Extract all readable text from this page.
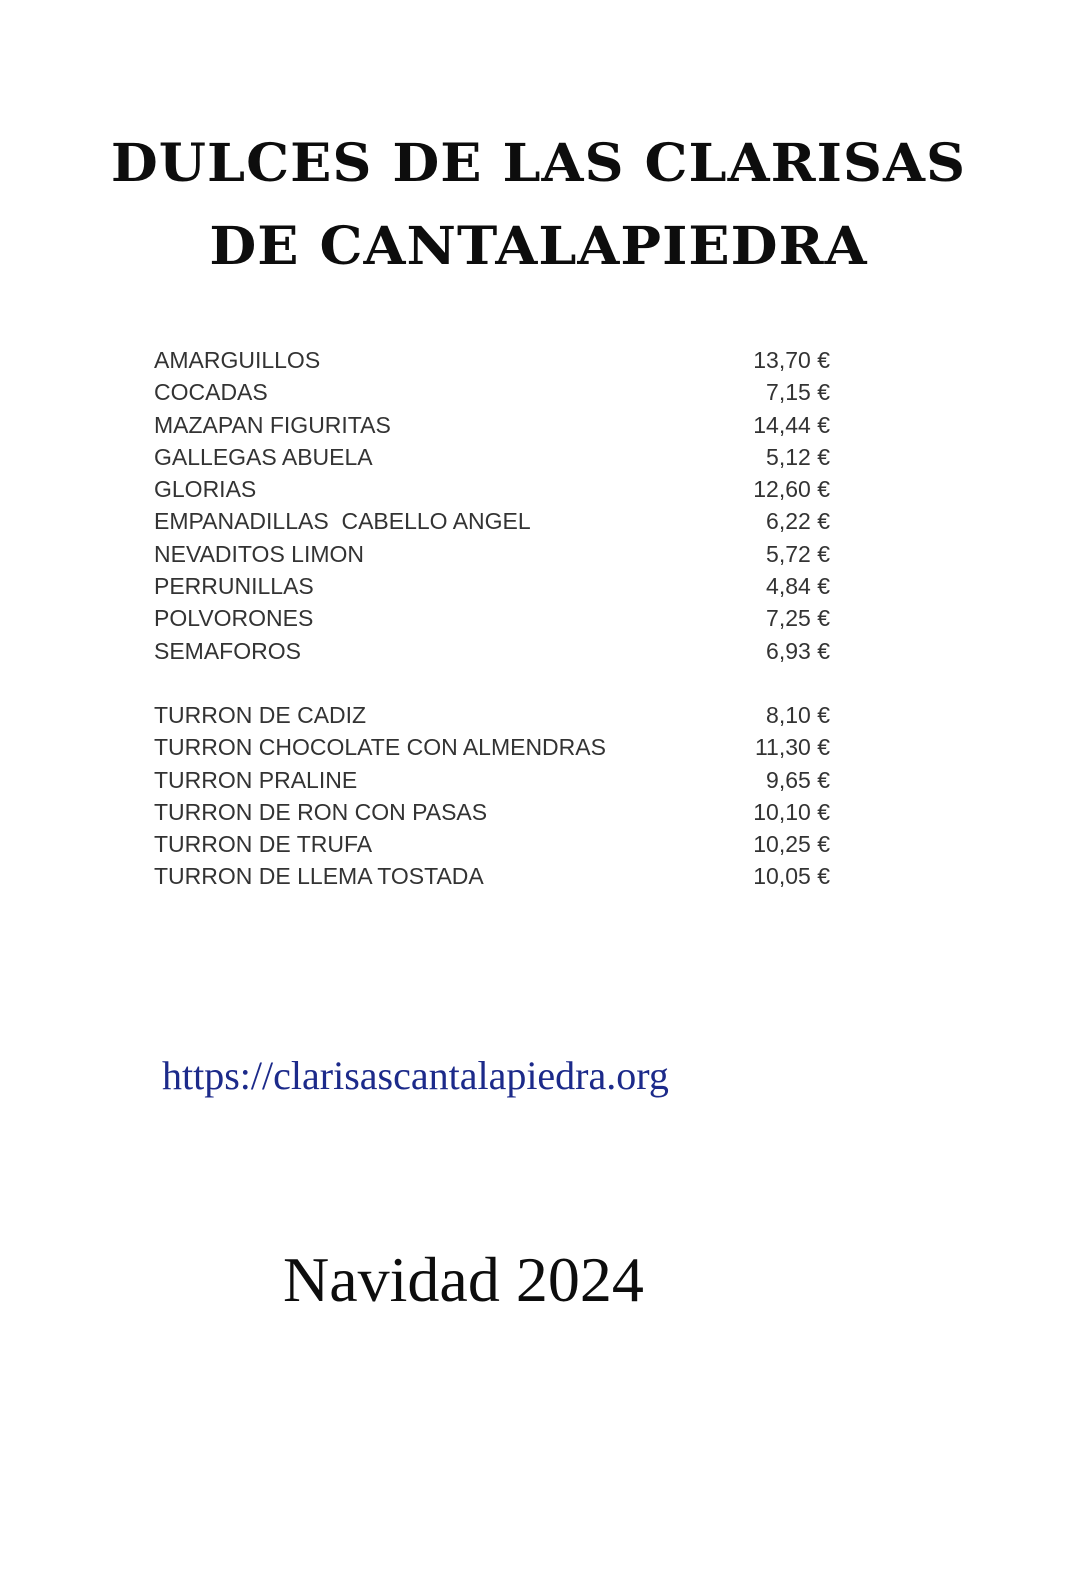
DULCES DE LAS CLARISAS
DE CANTALAPIEDRA
AMARGUILLOS	13,70 €
COCADAS	7,15 €
MAZAPAN FIGURITAS	14,44 €
GALLEGAS ABUELA	5,12 €
GLORIAS	12,60 €
EMPANADILLAS  CABELLO ANGEL	6,22 €
NEVADITOS LIMON	5,72 €
PERRUNILLAS	4,84 €
POLVORONES	7,25 €
SEMAFOROS	6,93 €
TURRON DE CADIZ	8,10 €
TURRON CHOCOLATE CON ALMENDRAS	11,30 €
TURRON PRALINE	9,65 €
TURRON DE RON CON PASAS	10,10 €
TURRON DE TRUFA	10,25 €
TURRON DE LLEMA TOSTADA	10,05 €
https://clarisascantalapiedra.org
Navidad 2024
